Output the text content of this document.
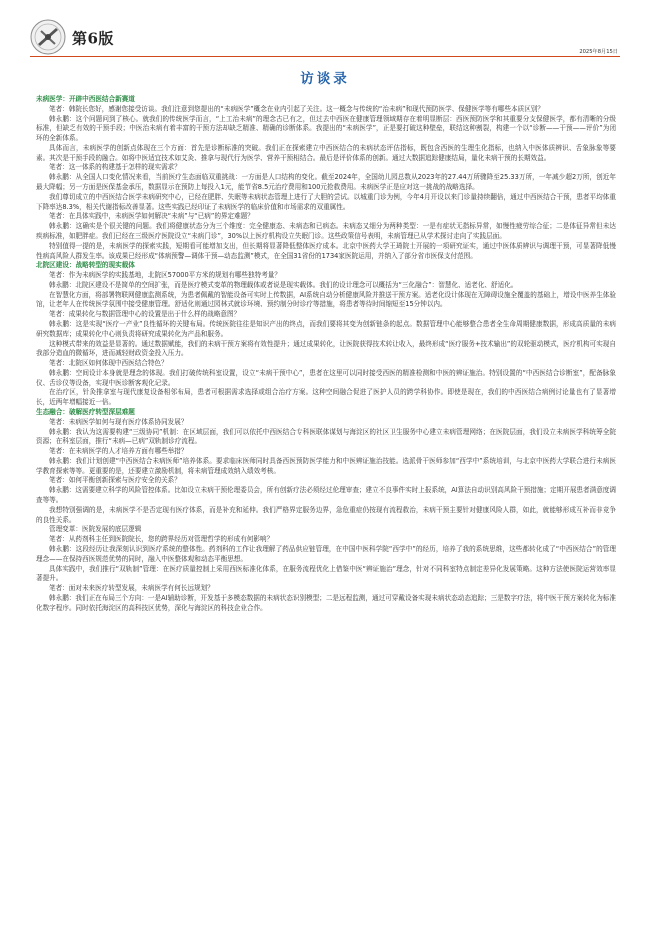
第6版
2025年8月15日
访谈录

未病医学：开辟中西医结合新赛道

笔者：韩院长您好，感谢您接受访谈。我们注意到您提出的“未病医学”概念在业内引起了关注。这一概念与传统的“治未病”和现代预防医学、保健医学等有哪些本质区别？

韩永鹏：这个问题问到了核心。就我们的传统医学而言，“上工治未病”的理念古已有之，但过去中西医在健康管理领域期存在着明显断层：西医预防医学和其重要分支保健医学，都有清晰的分级标准，但缺乏有效的干预手段；中医治未病有着丰富的干预方法却缺乏精准、精确的诊断体系。我提出的“未病医学”，正是要打破这种壁垒，联结这种割裂，构建一个以“诊断——干预——评价”为闭环的全新体系。

具体而言，未病医学的创新点体现在三个方面：首先是诊断标准的突破。我们正在探索建立中西医结合的未病状态评估指标，既包含西医的生理生化指标，也纳入中医体质辨识、舌象脉象等要素。其次是干预手段的融合。如将中医适宜技术如艾灸、推拿与现代行为医学、营养干预相结合。最后是评价体系的创新。通过大数据追踪健康结局，量化未病干预的长期效益。

笔者：这一体系的构建基于怎样的现实需求？

韩永鹏：从全国人口变化情况来看，当前医疗生态面临双重挑战：一方面是人口结构的变化。截至2024年，全国幼儿园总数从2023年的27.44万所骤降至25.33万所，一年减少超2万所，创近年最大降幅；另一方面是医保基金承压，数据显示在预防上每投入1元，能节省8.5元治疗费用和100元抢救费用。未病医学正是应对这一挑战的战略选择。

我们尊切成立的中西医结合医学未病研究中心，已经在肥胖、失眠等未病状态管理上进行了大胆的尝试。以城重门诊为例，今年4月开设以来门诊量持续翻倍，通过中西医结合干预，患者平均体重下降率达8.3%，相关代谢指标改善显著。这些实践已经印证了未病医学的临床价值和市场需求的双重属性。

笔者：在具体实践中，未病医学如何解决“未病”与“已病”的界定难题？

韩永鹏：这确实是个很关键的问题。我们将健康状态分为三个维度：完全健康态、未病态和已病态。未病态又细分为两种类型：一是有症状无指标异常，如慢性疲劳综合征；二是体征异常但未达疾病标准，如肥胖症。我们已经在三级医疗医院设立“未病门诊”，30%以上医疗机构设立失眠门诊。这些政策信号表明，未病管理已从学术探讨走向了实践层面。

特别值得一提的是，未病医学的探索实践，短期看可能增加支出，但长期将显著降低整体医疗成本。北京中医药大学王琦院士开展的一项研究证实，通过中医体质辨识与调理干预，可显著降低慢性病高风险人群发生率。该成果已经形成“体病预警—调体干预—动态监测”模式，在全国31省份的1734家医院运用，并纳入了部分省市医保支付范围。

北院区建设：战略转型的现实载体

笔者：作为未病医学的实践基地，北院区57000平方米的规划有哪些独特考量？

韩永鹏：北院区建设不是简单的空间扩张，而是医疗模式变革的物理载体或者说是现实载体。我们的设计理念可以概括为“三化融合”：智慧化、适老化、舒适化。

在智慧化方面，将部署物联网健康监测系统，为患者佩戴的智能设备可实时上传数据，AI系统自动分析健康风险并推送干预方案。适老化设计体现在无障碍设施全覆盖的基础上，增设中医养生体验馆，让老年人在传统医学氛围中接受健康管理。舒适化则通过园林式就诊环境、预约制分时诊疗等措施，将患者等待时间缩短至15分钟以内。

笔者：成果转化与数据管理中心的设置是出于什么样的战略意图？

韩永鹏：这是实现“医疗一产业”良性循环的关键布局。传统医院往往是知识产出的终点，而我们要将其变为创新链条的起点。数据管理中心能够整合患者全生命周期健康数据，形成高质量的未病研究数据库；成果转化中心则负责将研究成果转化为产品和服务。

这种模式带来的效益是显著的。通过数据赋能，我们的未病干预方案将有效性提升；通过成果转化，让医院获得技术转让收入，最终形成“医疗服务+技术输出”的双轮驱动模式，医疗机构可实现自我部分造血的微循环，进而减轻财政资金投入压力。

笔者：北院区如何体现中西医结合特色？

韩永鹏：空间设计本身就是理念的体现。我们打破传统科室设置，设立“未病干预中心”，患者在这里可以同时接受西医的精准检测和中医的辨证施治。特别设置的“中西医结合诊断室”，配备脉象仪、舌诊仪等设备，实现中医诊断客观化记录。

在治疗区，针灸推拿室与现代康复设备相邻布局，患者可根据需求选择或组合治疗方案。这种空间融合促进了医护人员的跨学科协作。即使是现在，我们的中西医结合病例讨论量也有了显著增长，近两年增幅接近一倍。

生态融合：破解医疗转型深层难题

笔者：未病医学如何与现有医疗体系协同发展？

韩永鹏：我认为这需要构建“三级协同”机制：在区域层面，我们可以依托中西医结合专科医联体谋划与海淀区的社区卫生服务中心建立未病管理网络；在医院层面，我们设立未病医学科统筹全院资源；在科室层面，推行“未病—已病”双轨制诊疗流程。

笔者：在未病医学的人才培养方面有哪些举措？

韩永鹏：我们计划创建“中西医结合未病医师”培养体系。要求临床医师同时具备西医预防医学能力和中医辨证施治技能。选派骨干医师参加“西学中”系统培训，与北京中医药大学联合进行未病医学教育探索等等。更重要的是，还要建立激励机制，将未病管理成效纳入绩效考核。

笔者：如何平衡创新探索与医疗安全的关系？

韩永鹏：这需要建立科学的风险管控体系。比如设立未病干预伦理委员会，所有创新疗法必须经过伦理审查；建立不良事件实时上报系统，AI算法自动识别高风险干预措施；定期开展患者满意度调查等等。

我想特别强调的是，未病医学不是否定现有医疗体系，而是补充和延伸。我们严格界定服务边界，急危重症仍按现有流程救治，未病干预主要针对健康风险人群，如此，就能够形成互补而非竞争的良性关系。

管理变革：医院发展的底层逻辑

笔者：从药剂科主任到医院院长，您的跨界经历对管理哲学的形成有何影响？

韩永鹏：这段经历让我深刻认识到医疗系统的整体性。药剂科的工作让我理解了药品供应链管理，在中国中医科学院“西学中”的经历，培养了我的系统思维，这些都转化成了“中西医结合”的管理理念——在保持西医规范优势的同时，融入中医整体观和动态平衡思想。

具体实践中，我们推行“双轨制”管理：在医疗质量控制上采用西医标准化体系，在服务流程优化上借鉴中医“辨证施治”理念，针对不同科室特点制定差异化发展策略。这种方法使医院运营效率显著提升。

笔者：面对未来医疗转型发展，未病医学有何长远规划？

韩永鹏：我们正在布局三个方向：一是AI辅助诊断，开发基于多模态数据的未病状态识别模型；二是远程监测，通过可穿戴设备实现未病状态动态追踪；三是数字疗法，将中医干预方案转化为标准化数字程序。同时依托海淀区的高科技区优势，深化与海淀区的科技企业合作。
